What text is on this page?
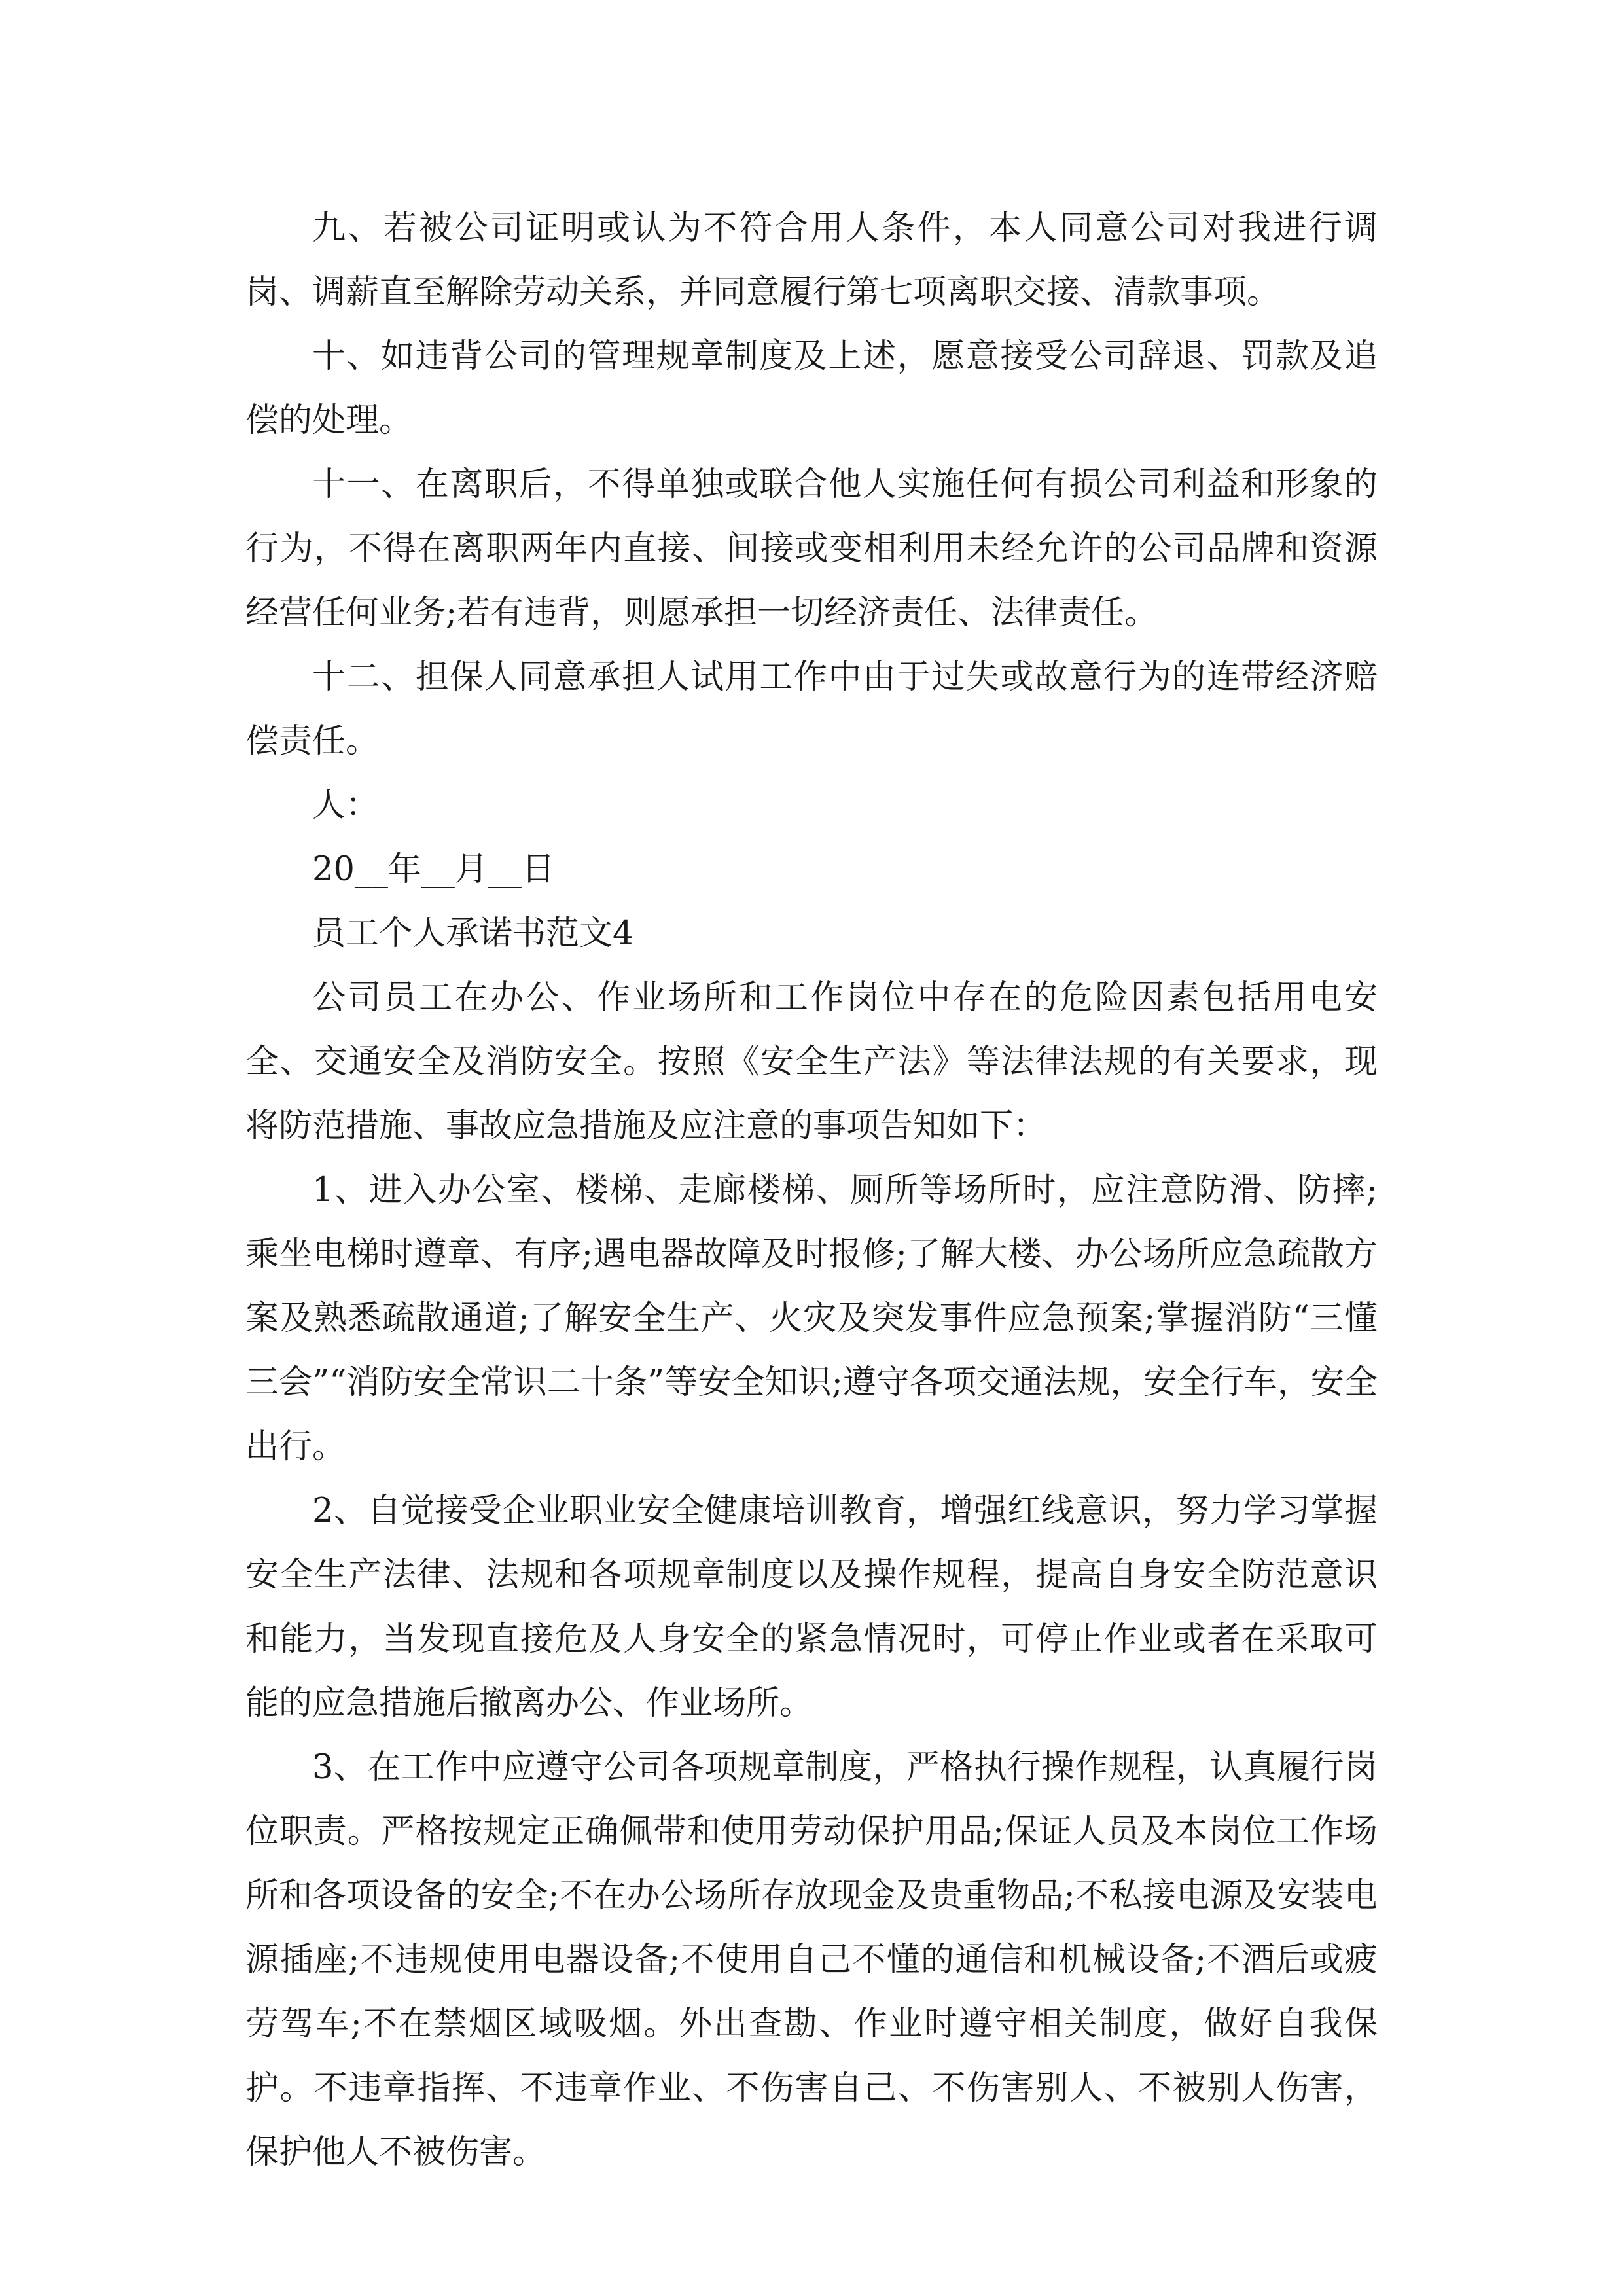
九、若被公司证明或认为不符合用人条件，本人同意公司对我进行调岗、调薪直至解除劳动关系，并同意履行第七项离职交接、清款事项。

十、如违背公司的管理规章制度及上述，愿意接受公司辞退、罚款及追偿的处理。

十一、在离职后，不得单独或联合他人实施任何有损公司利益和形象的行为，不得在离职两年内直接、间接或变相利用未经允许的公司品牌和资源经营任何业务;若有违背，则愿承担一切经济责任、法律责任。

十二、担保人同意承担人试用工作中由于过失或故意行为的连带经济赔偿责任。

人：

20__年__月__日

员工个人承诺书范文4

公司员工在办公、作业场所和工作岗位中存在的危险因素包括用电安全、交通安全及消防安全。按照《安全生产法》等法律法规的有关要求，现将防范措施、事故应急措施及应注意的事项告知如下：

1、进入办公室、楼梯、走廊楼梯、厕所等场所时，应注意防滑、防摔;乘坐电梯时遵章、有序;遇电器故障及时报修;了解大楼、办公场所应急疏散方案及熟悉疏散通道;了解安全生产、火灾及突发事件应急预案;掌握消防“三懂三会”“消防安全常识二十条”等安全知识;遵守各项交通法规，安全行车，安全出行。

2、自觉接受企业职业安全健康培训教育，增强红线意识，努力学习掌握安全生产法律、法规和各项规章制度以及操作规程，提高自身安全防范意识和能力，当发现直接危及人身安全的紧急情况时，可停止作业或者在采取可能的应急措施后撤离办公、作业场所。

3、在工作中应遵守公司各项规章制度，严格执行操作规程，认真履行岗位职责。严格按规定正确佩带和使用劳动保护用品;保证人员及本岗位工作场所和各项设备的安全;不在办公场所存放现金及贵重物品;不私接电源及安装电源插座;不违规使用电器设备;不使用自己不懂的通信和机械设备;不酒后或疲劳驾车;不在禁烟区域吸烟。外出查勘、作业时遵守相关制度，做好自我保护。不违章指挥、不违章作业、不伤害自己、不伤害别人、不被别人伤害，保护他人不被伤害。
